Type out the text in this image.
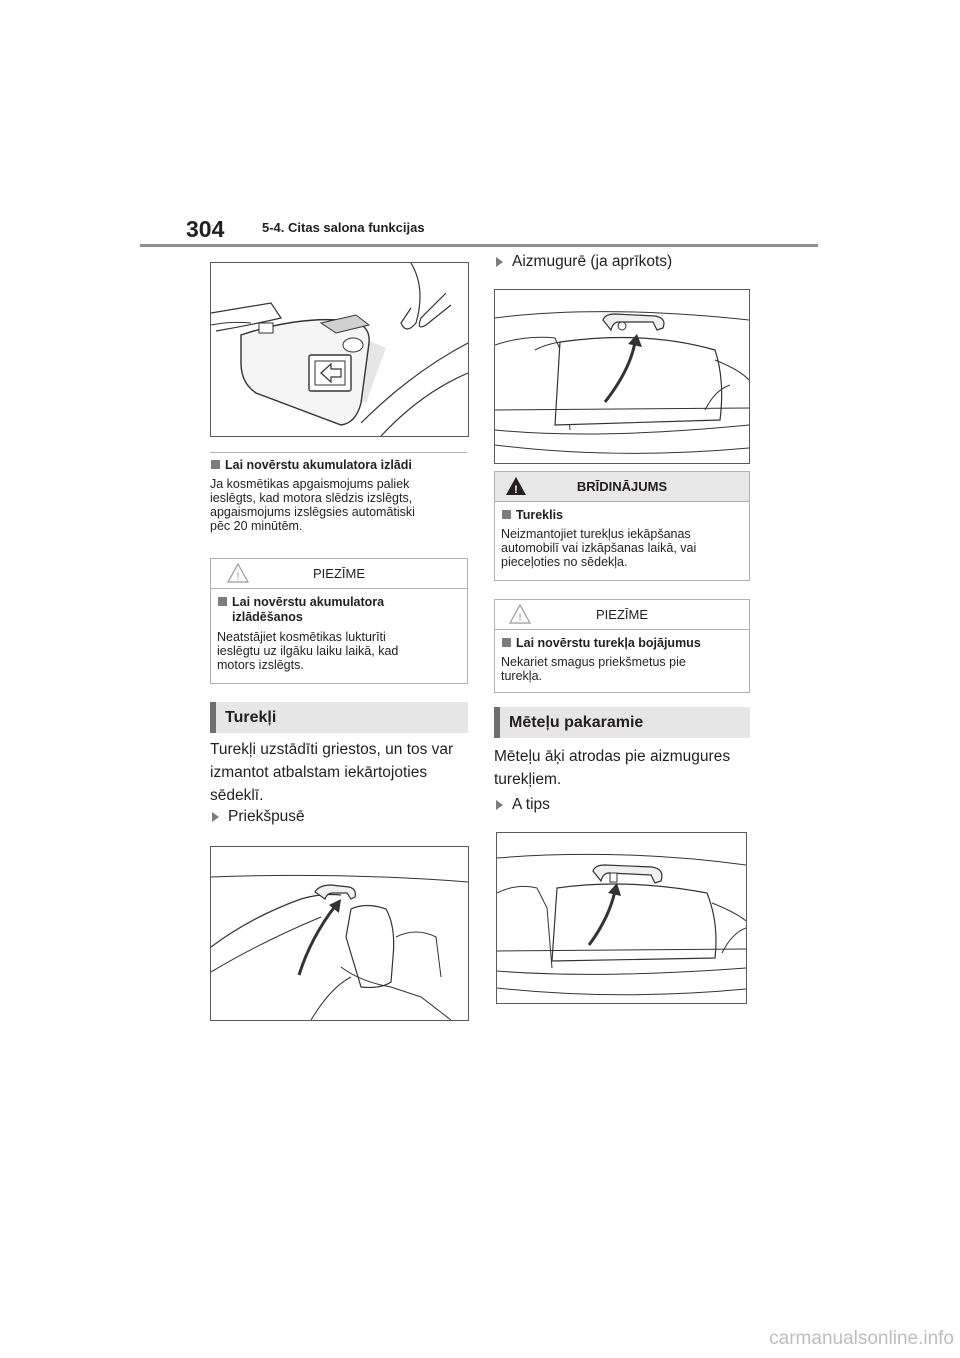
304	5-4. Citas salona funkcijas
Lai novērstu akumulatora izlādi
Ja kosmētikas apgaismojums paliek
ieslēgts, kad motora slēdzis izslēgts,
apgaismojums izslēgsies automātiski
pēc 20 minūtēm.
!	PIEZĪME
Lai novērstu akumulatora
izlādēšanos
Neatstājiet kosmētikas lukturīti
ieslēgtu uz ilgāku laiku laikā, kad
motors izslēgts.
Turekļi
Turekļi uzstādīti griestos, un tos var
izmantot atbalstam iekārtojoties
sēdeklī.
Priekšpusē
Aizmugurē (ja aprīkots)
!	BRĪDINĀJUMS
Tureklis
Neizmantojiet turekļus iekāpšanas
automobilī vai izkāpšanas laikā, vai
pieceļoties no sēdekļa.
!	PIEZĪME
Lai novērstu turekļa bojājumus
Nekariet smagus priekšmetus pie
turekļa.
Mēteļu pakaramie
Mēteļu āķi atrodas pie aizmugures
turekļiem.
A tips
carmanualsonline.info
